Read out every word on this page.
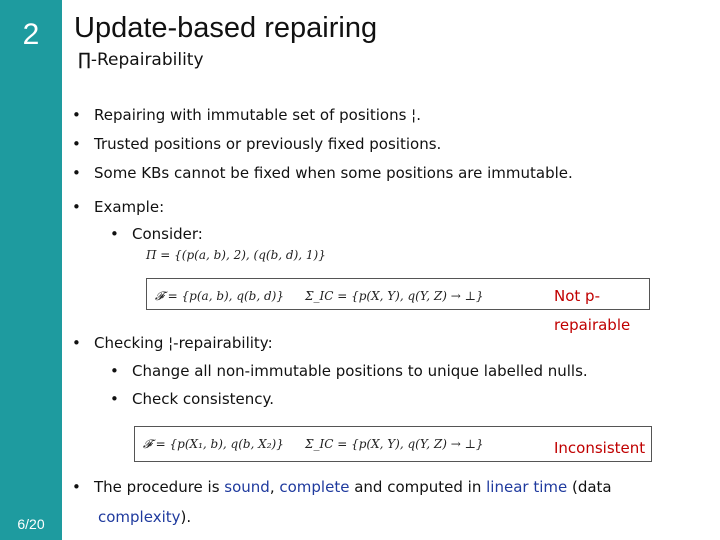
2
6/20
Update-based repairing
∏-Repairability
• Repairing with immutable set of positions ¦.
• Trusted positions or previously fixed positions.
• Some KBs cannot be fixed when some positions are immutable.
• Example:
• Consider:
Π = {(p(a, b), 2), (q(b, d), 1)}
𝓕 = {p(a, b), q(b, d)} Σ_IC = {p(X, Y), q(Y, Z) → ⊥}	Not p-
repairable
• Checking ¦-repairability:
• Change all non-immutable positions to unique labelled nulls.
• Check consistency.
𝓕 = {p(X₁, b), q(b, X₂)} Σ_IC = {p(X, Y), q(Y, Z) → ⊥}	Inconsistent
• The procedure is sound, complete and computed in linear time (data
complexity).
